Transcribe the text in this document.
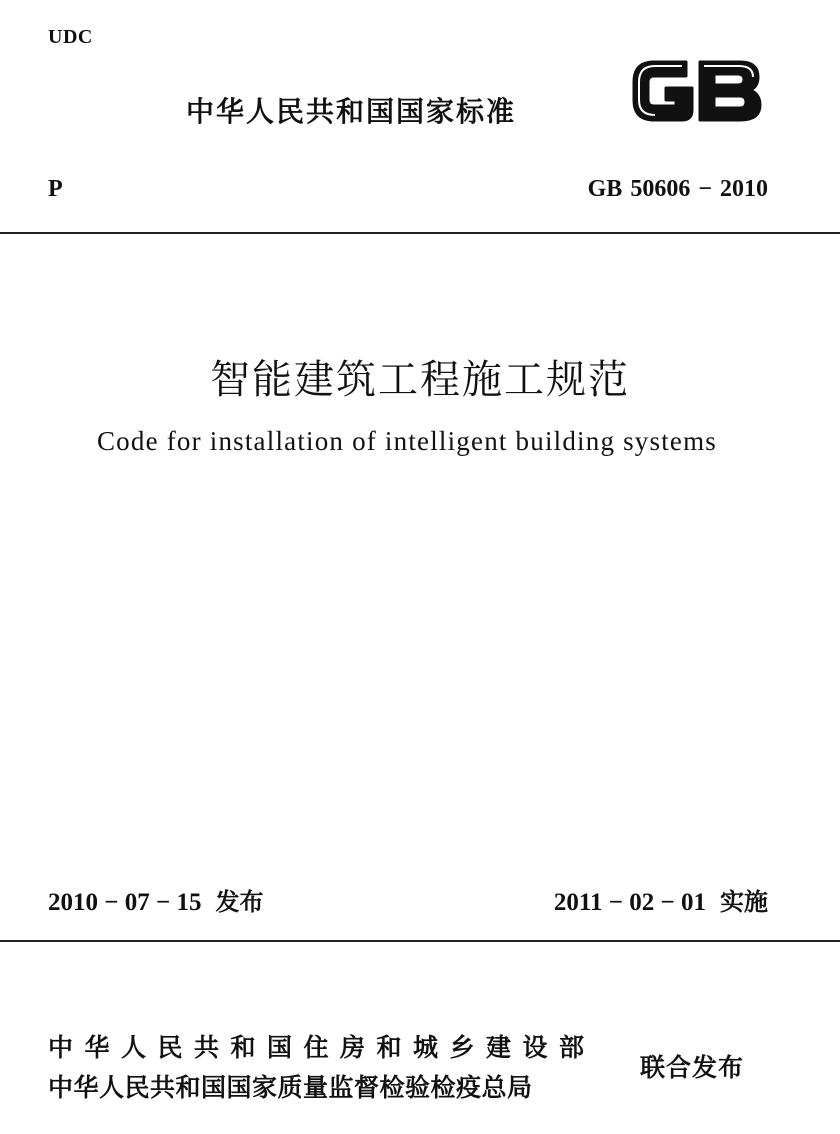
UDC
中华人民共和国国家标准
P	GB 50606 − 2010
智能建筑工程施工规范
Code for installation of intelligent building systems
2010 − 07 − 15 发布	2011 − 02 − 01 实施
中华人民共和国住房和城乡建设部
中华人民共和国国家质量监督检验检疫总局
联合发布
